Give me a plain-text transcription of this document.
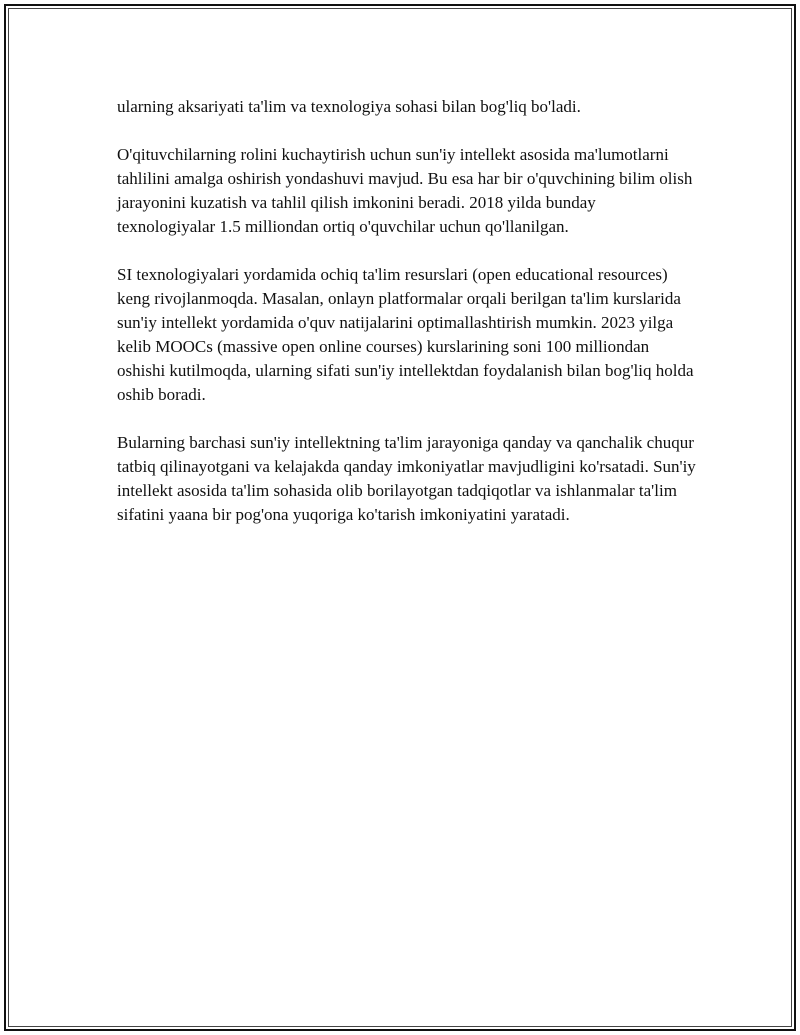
ularning aksariyati ta'lim va texnologiya sohasi bilan bog'liq bo'ladi.

O'qituvchilarning rolini kuchaytirish uchun sun'iy intellekt asosida ma'lumotlarni tahlilini amalga oshirish yondashuvi mavjud. Bu esa har bir o'quvchining bilim olish jarayonini kuzatish va tahlil qilish imkonini beradi. 2018 yilda bunday texnologiyalar 1.5 milliondan ortiq o'quvchilar uchun qo'llanilgan.

SI texnologiyalari yordamida ochiq ta'lim resurslari (open educational resources) keng rivojlanmoqda. Masalan, onlayn platformalar orqali berilgan ta'lim kurslarida sun'iy intellekt yordamida o'quv natijalarini optimallashtirish mumkin. 2023 yilga kelib MOOCs (massive open online courses) kurslarining soni 100 milliondan oshishi kutilmoqda, ularning sifati sun'iy intellektdan foydalanish bilan bog'liq holda oshib boradi.

Bularning barchasi sun'iy intellektning ta'lim jarayoniga qanday va qanchalik chuqur tatbiq qilinayotgani va kelajakda qanday imkoniyatlar mavjudligini ko'rsatadi. Sun'iy intellekt asosida ta'lim sohasida olib borilayotgan tadqiqotlar va ishlanmalar ta'lim sifatini yaana bir pog'ona yuqoriga ko'tarish imkoniyatini yaratadi.
